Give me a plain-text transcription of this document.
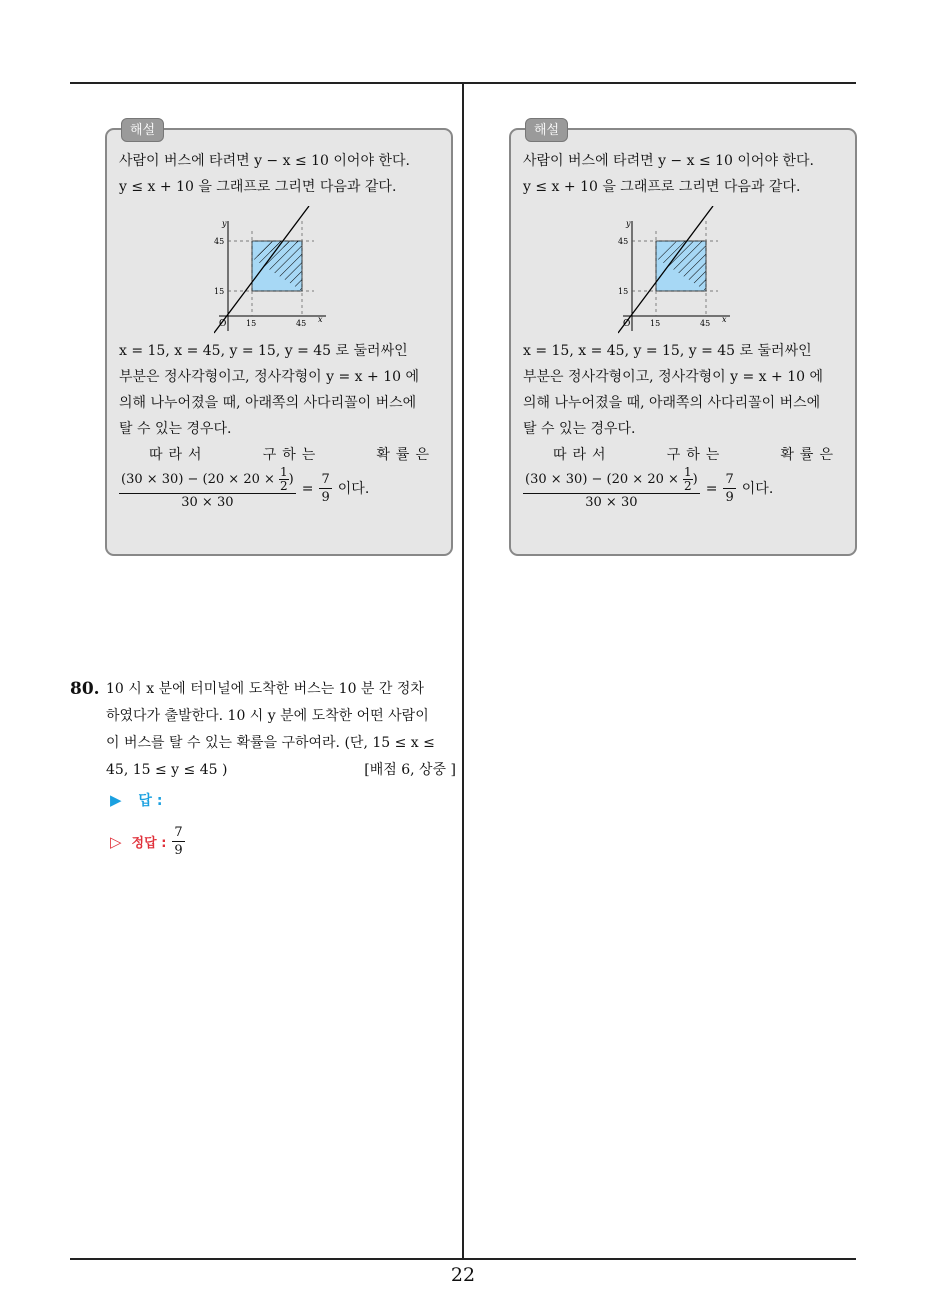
해설
사람이 버스에 타려면 y − x ≤ 10 이어야 한다.
y ≤ x + 10 을 그래프로 그리면 다음과 같다.
O 15	45
15
45
x
y
x = 15, x = 45, y = 15, y = 45 로 둘러싸인
부분은 정사각형이고, 정사각형이 y = x + 10 에
의해 나누어졌을 때, 아래쪽의 사다리꼴이 버스에
탈 수 있는 경우다.
따라서	구하는	확률은
$\frac{(30 \times 30) - (20 \times 20 \times \frac{1}{2} )}{30 \times 30} = \frac{7}{9}$ 이다.
해설
사람이 버스에 타려면 y − x ≤ 10 이어야 한다.
y ≤ x + 10 을 그래프로 그리면 다음과 같다.
O 15	45
15
45
x
y
x = 15, x = 45, y = 15, y = 45 로 둘러싸인
부분은 정사각형이고, 정사각형이 y = x + 10 에
의해 나누어졌을 때, 아래쪽의 사다리꼴이 버스에
탈 수 있는 경우다.
따라서	구하는	확률은
$\frac{(30 \times 30) - (20 \times 20 \times \frac{1}{2} )}{30 \times 30} = \frac{7}{9}$ 이다.
80. 10 시 x 분에 터미널에 도착한 버스는 10 분 간 정차
하였다가 출발한다. 10 시 y 분에 도착한 어떤 사람이
이 버스를 탈 수 있는 확률을 구하여라. (단, 15 ≤ x ≤
45, 15 ≤ y ≤ 45 )	[배점 6, 상중 ]
▶ 답 :
▷ 정답 : $\frac{7}{9}$
22
